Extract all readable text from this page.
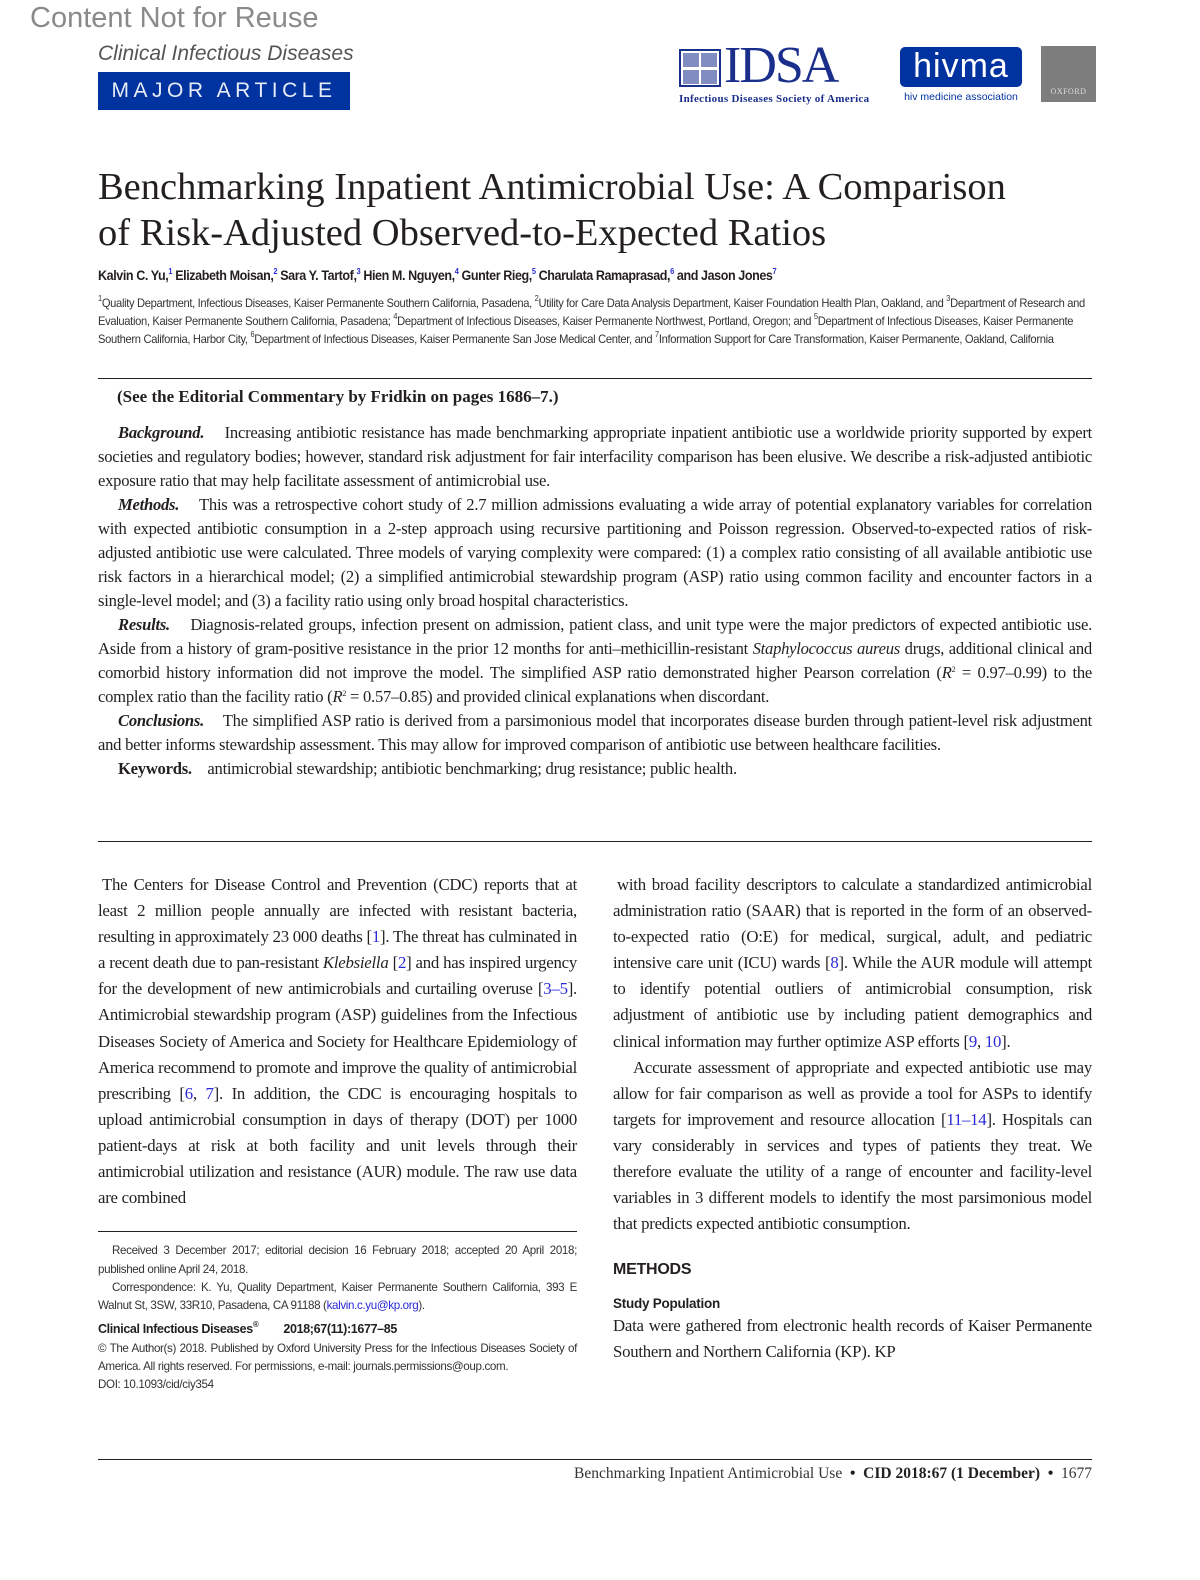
Content Not for Reuse
Clinical Infectious Diseases
MAJOR ARTICLE	IDSA
Infectious Diseases Society of America
hivma
hiv medicine association	OXFORD
Benchmarking Inpatient Antimicrobial Use: A Comparison
of Risk-Adjusted Observed-to-Expected Ratios
Kalvin C. Yu,$^1$ Elizabeth Moisan,$^2$ Sara Y. Tartof,$^3$ Hien M. Nguyen,$^4$ Gunter Rieg,$^5$ Charulata Ramaprasad,$^6$ and Jason Jones$^7$
$^1$Quality Department, Infectious Diseases, Kaiser Permanente Southern California, Pasadena, $^2$Utility for Care Data Analysis Department, Kaiser Foundation Health Plan, Oakland, and $^3$Department of Research and Evaluation, Kaiser Permanente Southern California, Pasadena; $^4$Department of Infectious Diseases, Kaiser Permanente Northwest, Portland, Oregon; and $^5$Department of Infectious Diseases, Kaiser Permanente Southern California, Harbor City, $^6$Department of Infectious Diseases, Kaiser Permanente San Jose Medical Center, and $^7$Information Support for Care Transformation, Kaiser Permanente, Oakland, California
(See the Editorial Commentary by Fridkin on pages 1686–7.)

Background. Increasing antibiotic resistance has made benchmarking appropriate inpatient antibiotic use a worldwide priority supported by expert societies and regulatory bodies; however, standard risk adjustment for fair interfacility comparison has been elusive. We describe a risk-adjusted antibiotic exposure ratio that may help facilitate assessment of antimicrobial use.

Methods. This was a retrospective cohort study of 2.7 million admissions evaluating a wide array of potential explanatory variables for correlation with expected antibiotic consumption in a 2-step approach using recursive partitioning and Poisson regression. Observed-to-expected ratios of risk-adjusted antibiotic use were calculated. Three models of varying complexity were compared: (1) a complex ratio consisting of all available antibiotic use risk factors in a hierarchical model; (2) a simplified antimicrobial stewardship program (ASP) ratio using common facility and encounter factors in a single-level model; and (3) a facility ratio using only broad hospital characteristics.

Results. Diagnosis-related groups, infection present on admission, patient class, and unit type were the major predictors of expected antibiotic use. Aside from a history of gram-positive resistance in the prior 12 months for anti–methicillin-resistant Staphylococcus aureus drugs, additional clinical and comorbid history information did not improve the model. The simplified ASP ratio demonstrated higher Pearson correlation $(R^2 = 0.97-0.99)$ to the complex ratio than the facility ratio $(R^2 = 0.57-0.85)$ and provided clinical explanations when discordant.

Conclusions. The simplified ASP ratio is derived from a parsimonious model that incorporates disease burden through patient-level risk adjustment and better informs stewardship assessment. This may allow for improved comparison of antibiotic use between healthcare facilities.

Keywords. antimicrobial stewardship; antibiotic benchmarking; drug resistance; public health.

The Centers for Disease Control and Prevention (CDC) reports that at least 2 million people annually are infected with resistant bacteria, resulting in approximately 23 000 deaths [1]. The threat has culminated in a recent death due to pan-resistant Klebsiella [2] and has inspired urgency for the development of new antimicrobials and curtailing overuse [3–5]. Antimicrobial stewardship program (ASP) guidelines from the Infectious Diseases Society of America and Society for Healthcare Epidemiology of America recommend to promote and improve the quality of antimicrobial prescribing [6, 7]. In addition, the CDC is encouraging hospitals to upload antimicrobial consumption in days of therapy (DOT) per 1000 patient-days at risk at both facility and unit levels through their antimicrobial utilization and resistance (AUR) module. The raw use data are combined

Received 3 December 2017; editorial decision 16 February 2018; accepted 20 April 2018; published online April 24, 2018.

Correspondence: K. Yu, Quality Department, Kaiser Permanente Southern California, 393 E Walnut St, 3SW, 33R10, Pasadena, CA 91188 (kalvin.c.yu@kp.org).

Clinical Infectious Diseases® 2018;67(11):1677–85

© The Author(s) 2018. Published by Oxford University Press for the Infectious Diseases Society of America. All rights reserved. For permissions, e-mail: journals.permissions@oup.com.

DOI: 10.1093/cid/ciy354

with broad facility descriptors to calculate a standardized antimicrobial administration ratio (SAAR) that is reported in the form of an observed-to-expected ratio (O:E) for medical, surgical, adult, and pediatric intensive care unit (ICU) wards [8]. While the AUR module will attempt to identify potential outliers of antimicrobial consumption, risk adjustment of antibiotic use by including patient demographics and clinical information may further optimize ASP efforts [9, 10].

Accurate assessment of appropriate and expected antibiotic use may allow for fair comparison as well as provide a tool for ASPs to identify targets for improvement and resource allocation [11–14]. Hospitals can vary considerably in services and types of patients they treat. We therefore evaluate the utility of a range of encounter and facility-level variables in 3 different models to identify the most parsimonious model that predicts expected antibiotic consumption.

METHODS
Study Population

Data were gathered from electronic health records of Kaiser Permanente Southern and Northern California (KP). KP

Benchmarking Inpatient Antimicrobial Use • CID 2018:67 (1 December) • 1677
